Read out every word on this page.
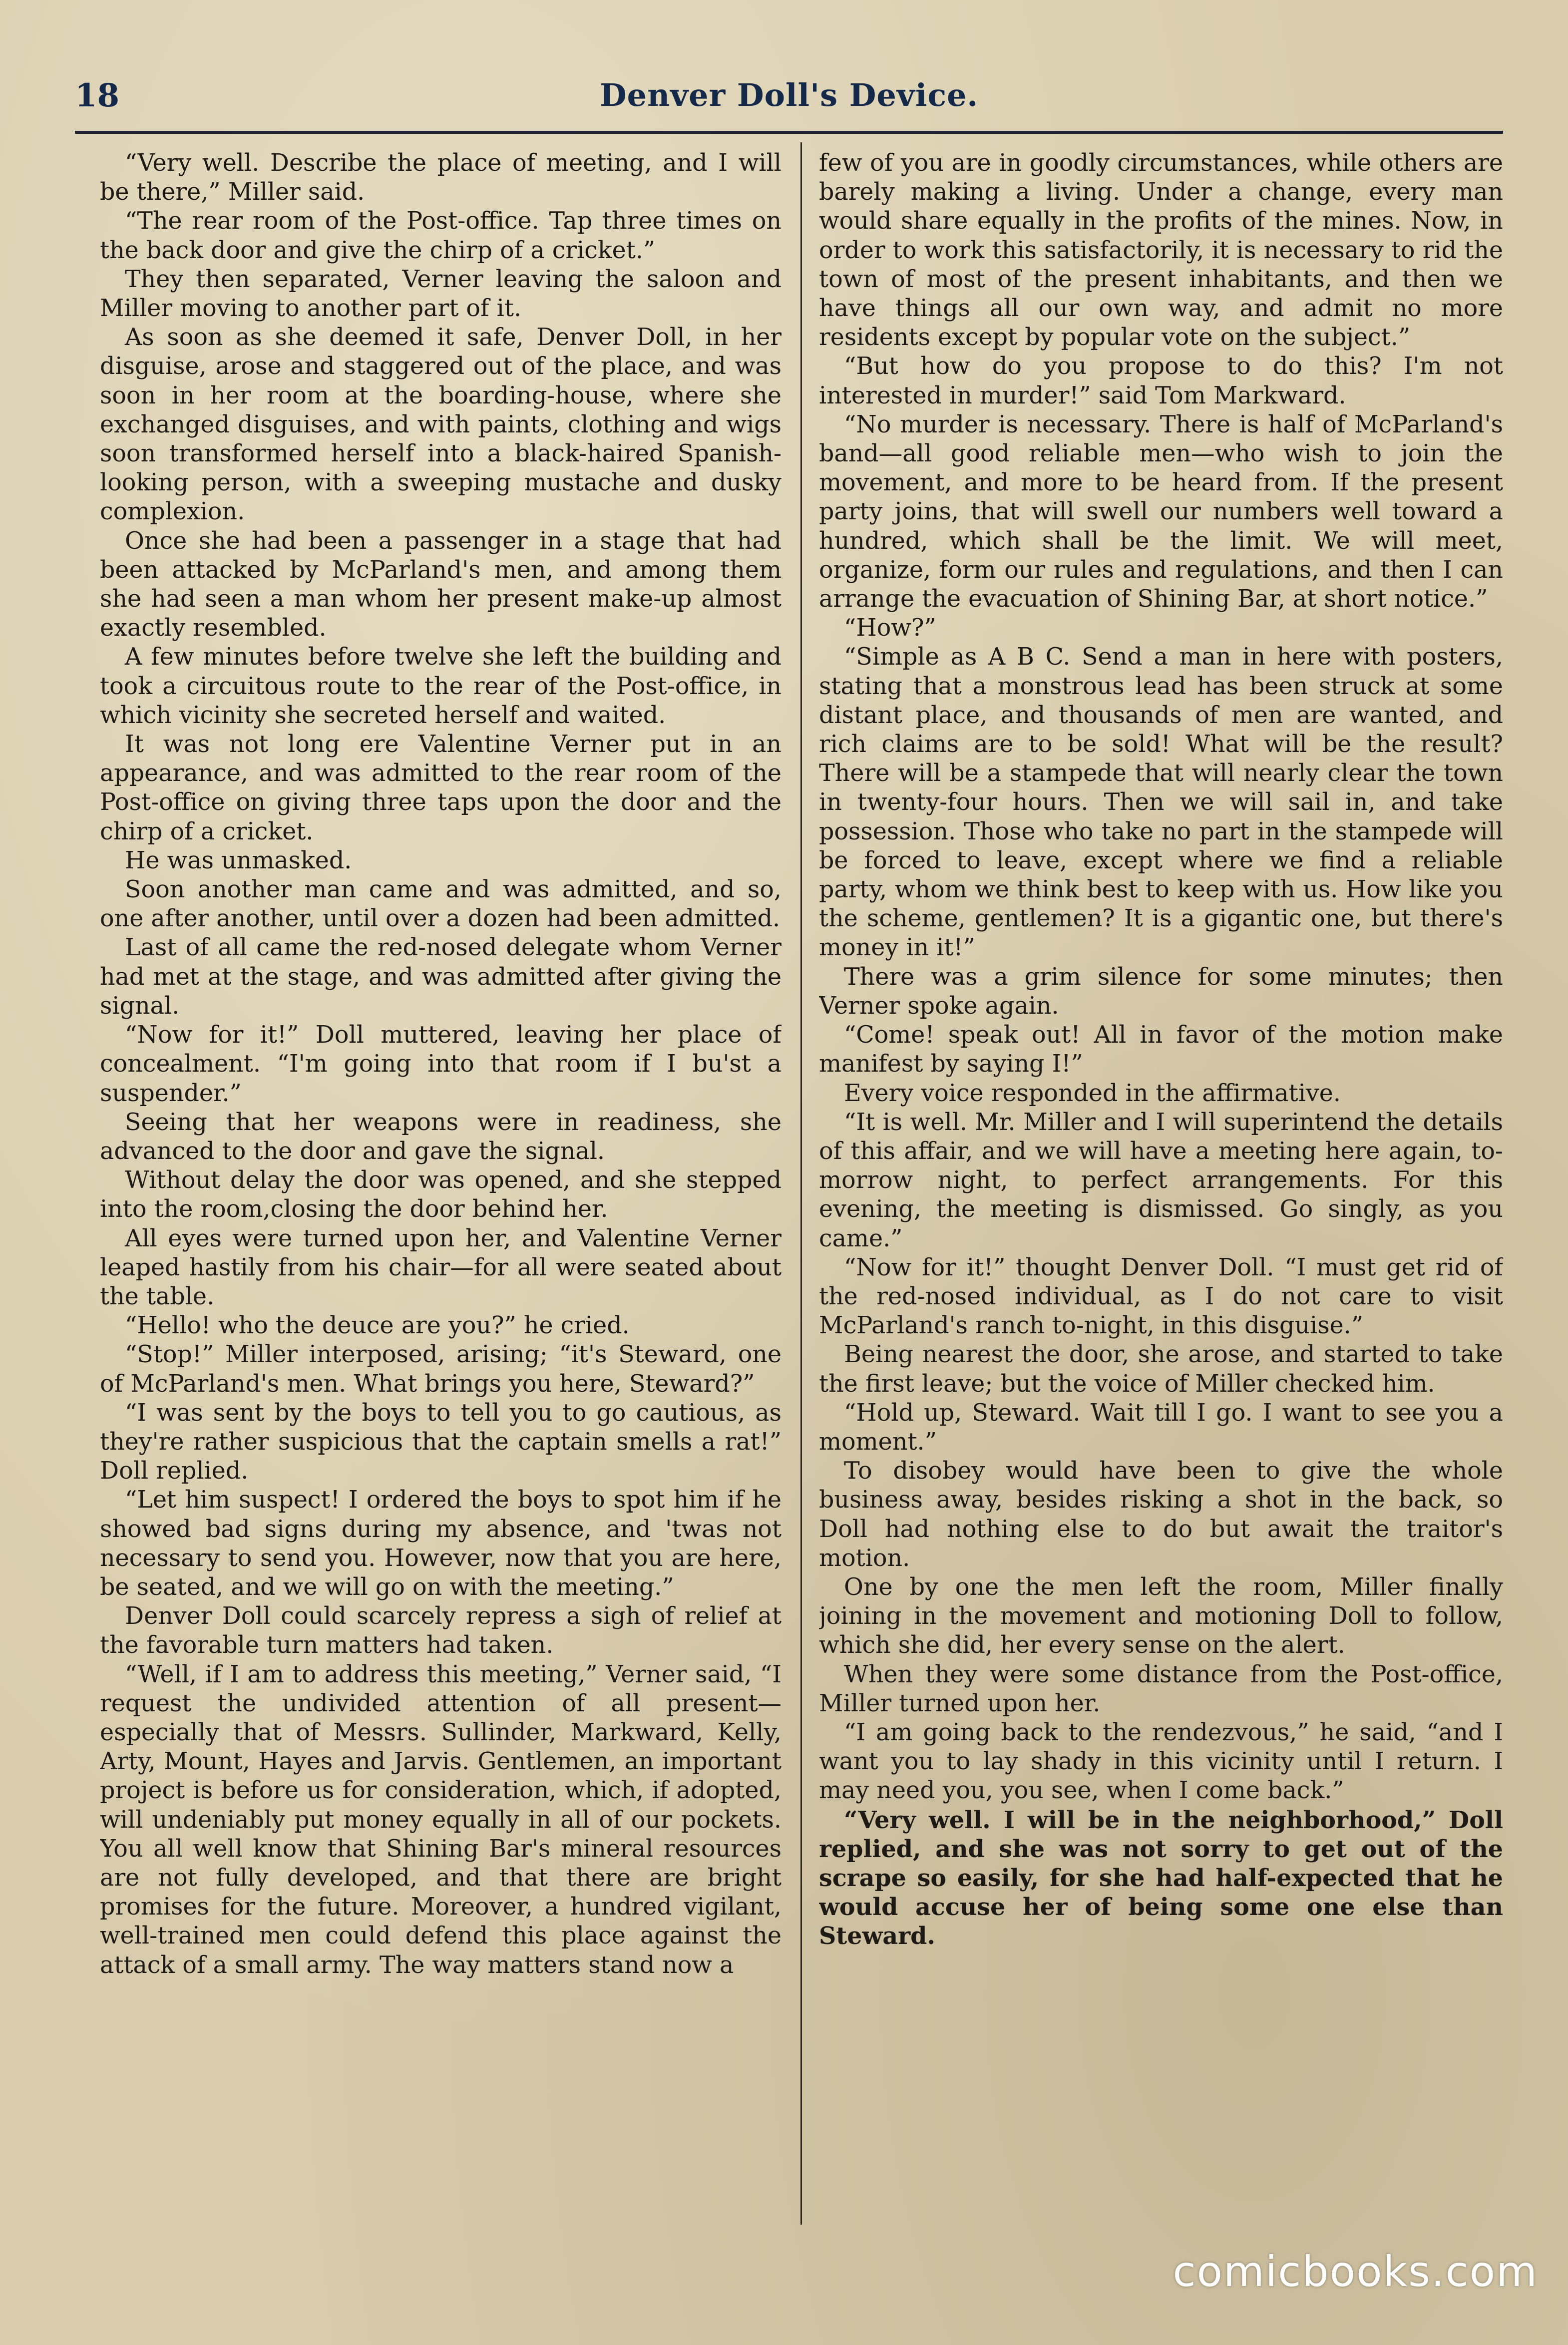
18	Denver Doll's Device.

“Very well. Describe the place of meeting, and I will be there,” Miller said.

“The rear room of the Post-office. Tap three times on the back door and give the chirp of a cricket.”

They then separated, Verner leaving the saloon and Miller moving to another part of it.

As soon as she deemed it safe, Denver Doll, in her disguise, arose and staggered out of the place, and was soon in her room at the boarding-house, where she exchanged disguises, and with paints, clothing and wigs soon transformed herself into a black-haired Spanish-looking person, with a sweeping mustache and dusky complexion.

Once she had been a passenger in a stage that had been attacked by McParland's men, and among them she had seen a man whom her present make-up almost exactly resembled.

A few minutes before twelve she left the building and took a circuitous route to the rear of the Post-office, in which vicinity she secreted herself and waited.

It was not long ere Valentine Verner put in an appearance, and was admitted to the rear room of the Post-office on giving three taps upon the door and the chirp of a cricket.

He was unmasked.

Soon another man came and was admitted, and so, one after another, until over a dozen had been admitted.

Last of all came the red-nosed delegate whom Verner had met at the stage, and was admitted after giving the signal.

“Now for it!” Doll muttered, leaving her place of concealment. “I'm going into that room if I bu'st a suspender.”

Seeing that her weapons were in readiness, she advanced to the door and gave the signal.

Without delay the door was opened, and she stepped into the room,closing the door behind her.

All eyes were turned upon her, and Valentine Verner leaped hastily from his chair—for all were seated about the table.

“Hello! who the deuce are you?” he cried.

“Stop!” Miller interposed, arising; “it's Steward, one of McParland's men. What brings you here, Steward?”

“I was sent by the boys to tell you to go cautious, as they're rather suspicious that the captain smells a rat!” Doll replied.

“Let him suspect! I ordered the boys to spot him if he showed bad signs during my absence, and 'twas not necessary to send you. However, now that you are here, be seated, and we will go on with the meeting.”

Denver Doll could scarcely repress a sigh of relief at the favorable turn matters had taken.

“Well, if I am to address this meeting,” Verner said, “I request the undivided attention of all present—especially that of Messrs. Sullinder, Markward, Kelly, Arty, Mount, Hayes and Jarvis. Gentlemen, an important project is before us for consideration, which, if adopted, will undeniably put money equally in all of our pockets. You all well know that Shining Bar's mineral resources are not fully developed, and that there are bright promises for the future. Moreover, a hundred vigilant, well-trained men could defend this place against the attack of a small army. The way matters stand now a

few of you are in goodly circumstances, while others are barely making a living. Under a change, every man would share equally in the profits of the mines. Now, in order to work this satisfactorily, it is necessary to rid the town of most of the present inhabitants, and then we have things all our own way, and admit no more residents except by popular vote on the subject.”

“But how do you propose to do this? I'm not interested in murder!” said Tom Markward.

“No murder is necessary. There is half of McParland's band—all good reliable men—who wish to join the movement, and more to be heard from. If the present party joins, that will swell our numbers well toward a hundred, which shall be the limit. We will meet, organize, form our rules and regulations, and then I can arrange the evacuation of Shining Bar, at short notice.”

“How?”

“Simple as A B C. Send a man in here with posters, stating that a monstrous lead has been struck at some distant place, and thousands of men are wanted, and rich claims are to be sold! What will be the result? There will be a stampede that will nearly clear the town in twenty-four hours. Then we will sail in, and take possession. Those who take no part in the stampede will be forced to leave, except where we find a reliable party, whom we think best to keep with us. How like you the scheme, gentlemen? It is a gigantic one, but there's money in it!”

There was a grim silence for some minutes; then Verner spoke again.

“Come! speak out! All in favor of the motion make manifest by saying I!”

Every voice responded in the affirmative.

“It is well. Mr. Miller and I will superintend the details of this affair, and we will have a meeting here again, to-morrow night, to perfect arrangements. For this evening, the meeting is dismissed. Go singly, as you came.”

“Now for it!” thought Denver Doll. “I must get rid of the red-nosed individual, as I do not care to visit McParland's ranch to-night, in this disguise.”

Being nearest the door, she arose, and started to take the first leave; but the voice of Miller checked him.

“Hold up, Steward. Wait till I go. I want to see you a moment.”

To disobey would have been to give the whole business away, besides risking a shot in the back, so Doll had nothing else to do but await the traitor's motion.

One by one the men left the room, Miller finally joining in the movement and motioning Doll to follow, which she did, her every sense on the alert.

When they were some distance from the Post-office, Miller turned upon her.

“I am going back to the rendezvous,” he said, “and I want you to lay shady in this vicinity until I return. I may need you, you see, when I come back.”

“Very well. I will be in the neighborhood,” Doll replied, and she was not sorry to get out of the scrape so easily, for she had half-expected that he would accuse her of being some one else than Steward.

comicbooks.com
